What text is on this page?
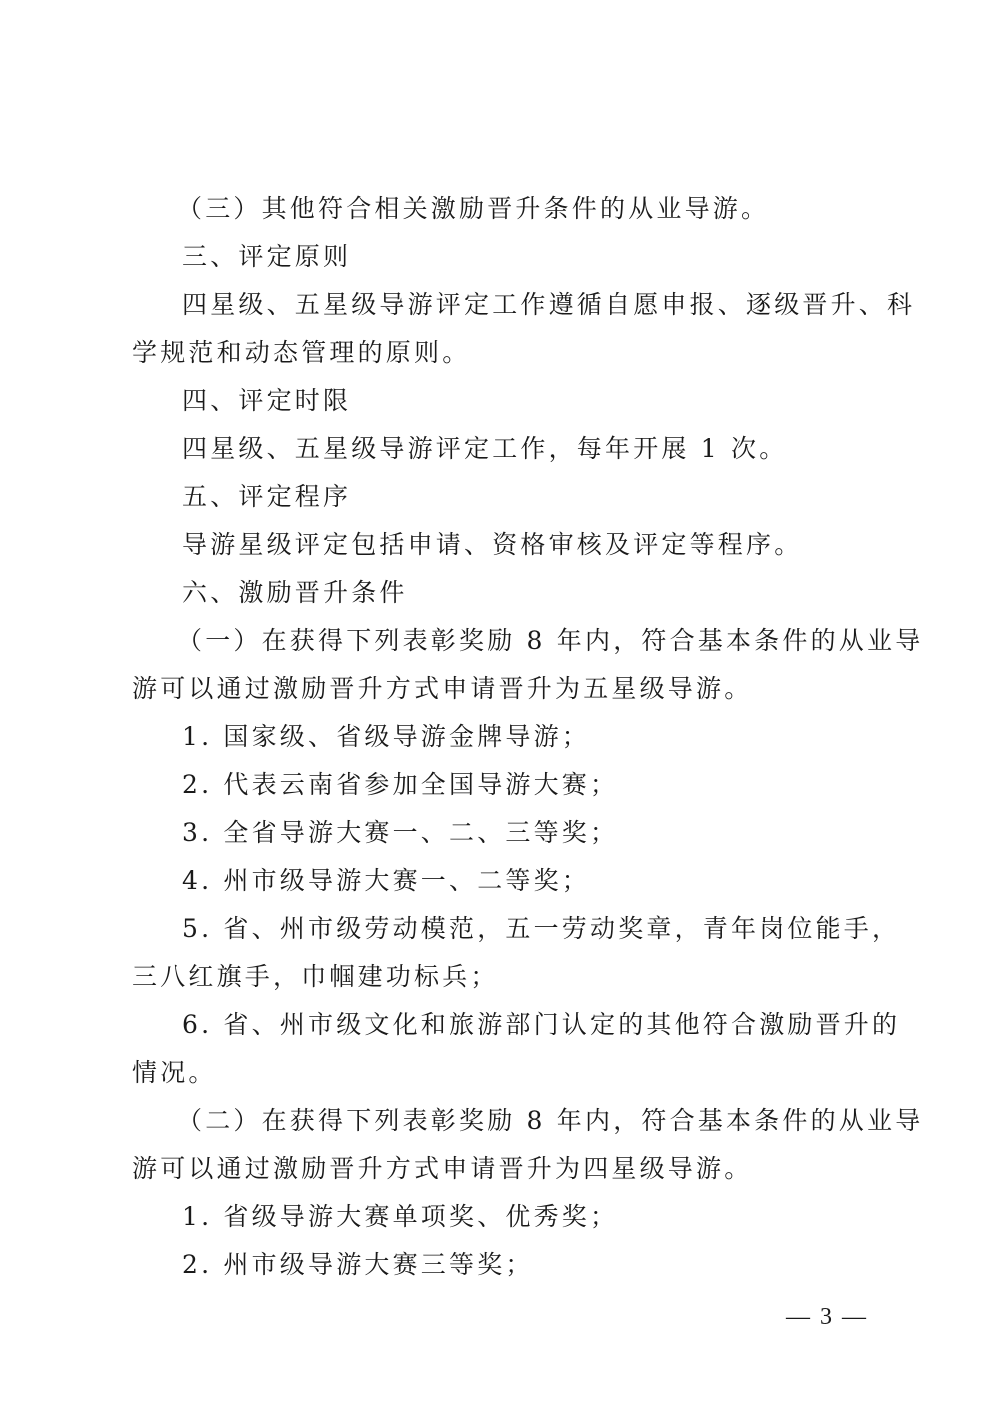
（三）其他符合相关激励晋升条件的从业导游。
三、评定原则
四星级、五星级导游评定工作遵循自愿申报、逐级晋升、科
学规范和动态管理的原则。
四、评定时限
四星级、五星级导游评定工作，每年开展 1 次。
五、评定程序
导游星级评定包括申请、资格审核及评定等程序。
六、激励晋升条件
（一）在获得下列表彰奖励 8 年内，符合基本条件的从业导
游可以通过激励晋升方式申请晋升为五星级导游。
1. 国家级、省级导游金牌导游；
2. 代表云南省参加全国导游大赛；
3. 全省导游大赛一、二、三等奖；
4. 州市级导游大赛一、二等奖；
5. 省、州市级劳动模范，五一劳动奖章，青年岗位能手，
三八红旗手，巾帼建功标兵；
6. 省、州市级文化和旅游部门认定的其他符合激励晋升的
情况。
（二）在获得下列表彰奖励 8 年内，符合基本条件的从业导
游可以通过激励晋升方式申请晋升为四星级导游。
1. 省级导游大赛单项奖、优秀奖；
2. 州市级导游大赛三等奖；
— 3 —
